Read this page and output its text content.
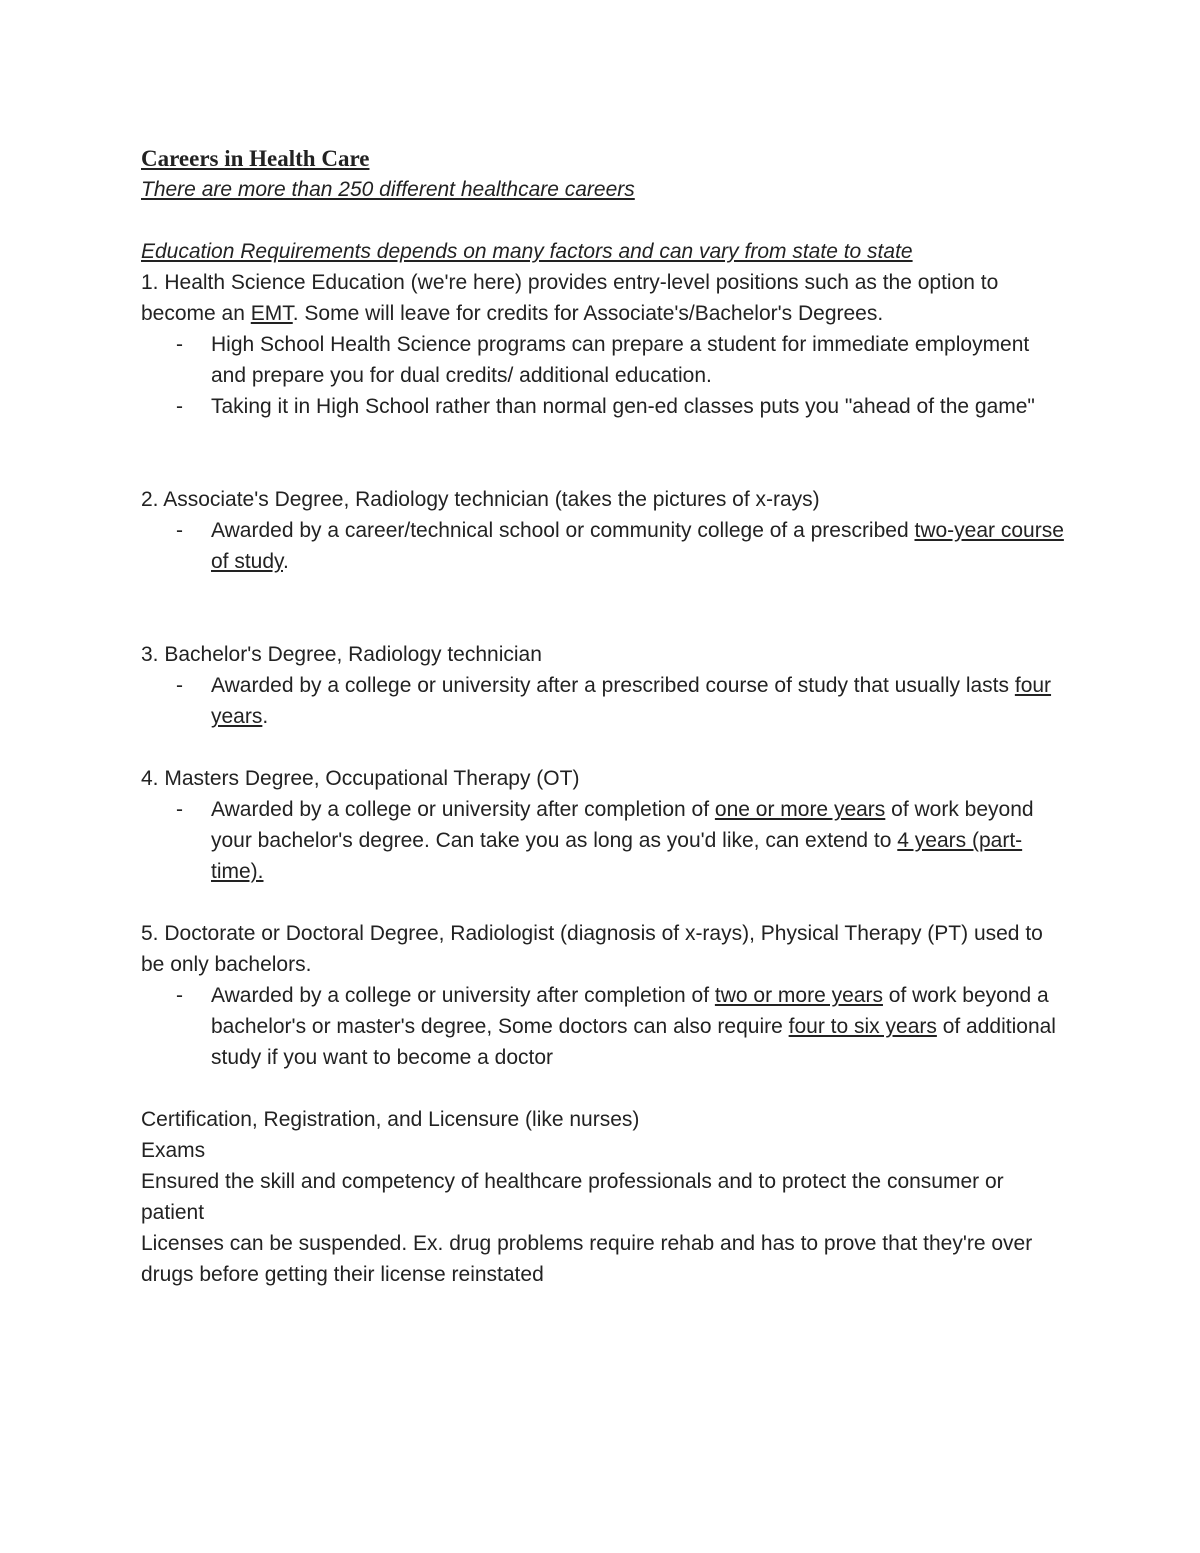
Careers in Health Care
There are more than 250 different healthcare careers
Education Requirements depends on many factors and can vary from state to state
1. Health Science Education (we're here) provides entry-level positions such as the option to become an EMT. Some will leave for credits for Associate's/Bachelor's Degrees.
- High School Health Science programs can prepare a student for immediate employment and prepare you for dual credits/ additional education.
- Taking it in High School rather than normal gen-ed classes puts you "ahead of the game"
2. Associate's Degree, Radiology technician (takes the pictures of x-rays)
- Awarded by a career/technical school or community college of a prescribed two-year course of study.
3. Bachelor's Degree, Radiology technician
- Awarded by a college or university after a prescribed course of study that usually lasts four years.
4. Masters Degree, Occupational Therapy (OT)
- Awarded by a college or university after completion of one or more years of work beyond your bachelor's degree. Can take you as long as you'd like, can extend to 4 years (part-time).
5. Doctorate or Doctoral Degree, Radiologist (diagnosis of x-rays), Physical Therapy (PT) used to be only bachelors.
- Awarded by a college or university after completion of two or more years of work beyond a bachelor's or master's degree, Some doctors can also require four to six years of additional study if you want to become a doctor
Certification, Registration, and Licensure (like nurses)
Exams
Ensured the skill and competency of healthcare professionals and to protect the consumer or patient
Licenses can be suspended. Ex. drug problems require rehab and has to prove that they're over drugs before getting their license reinstated
